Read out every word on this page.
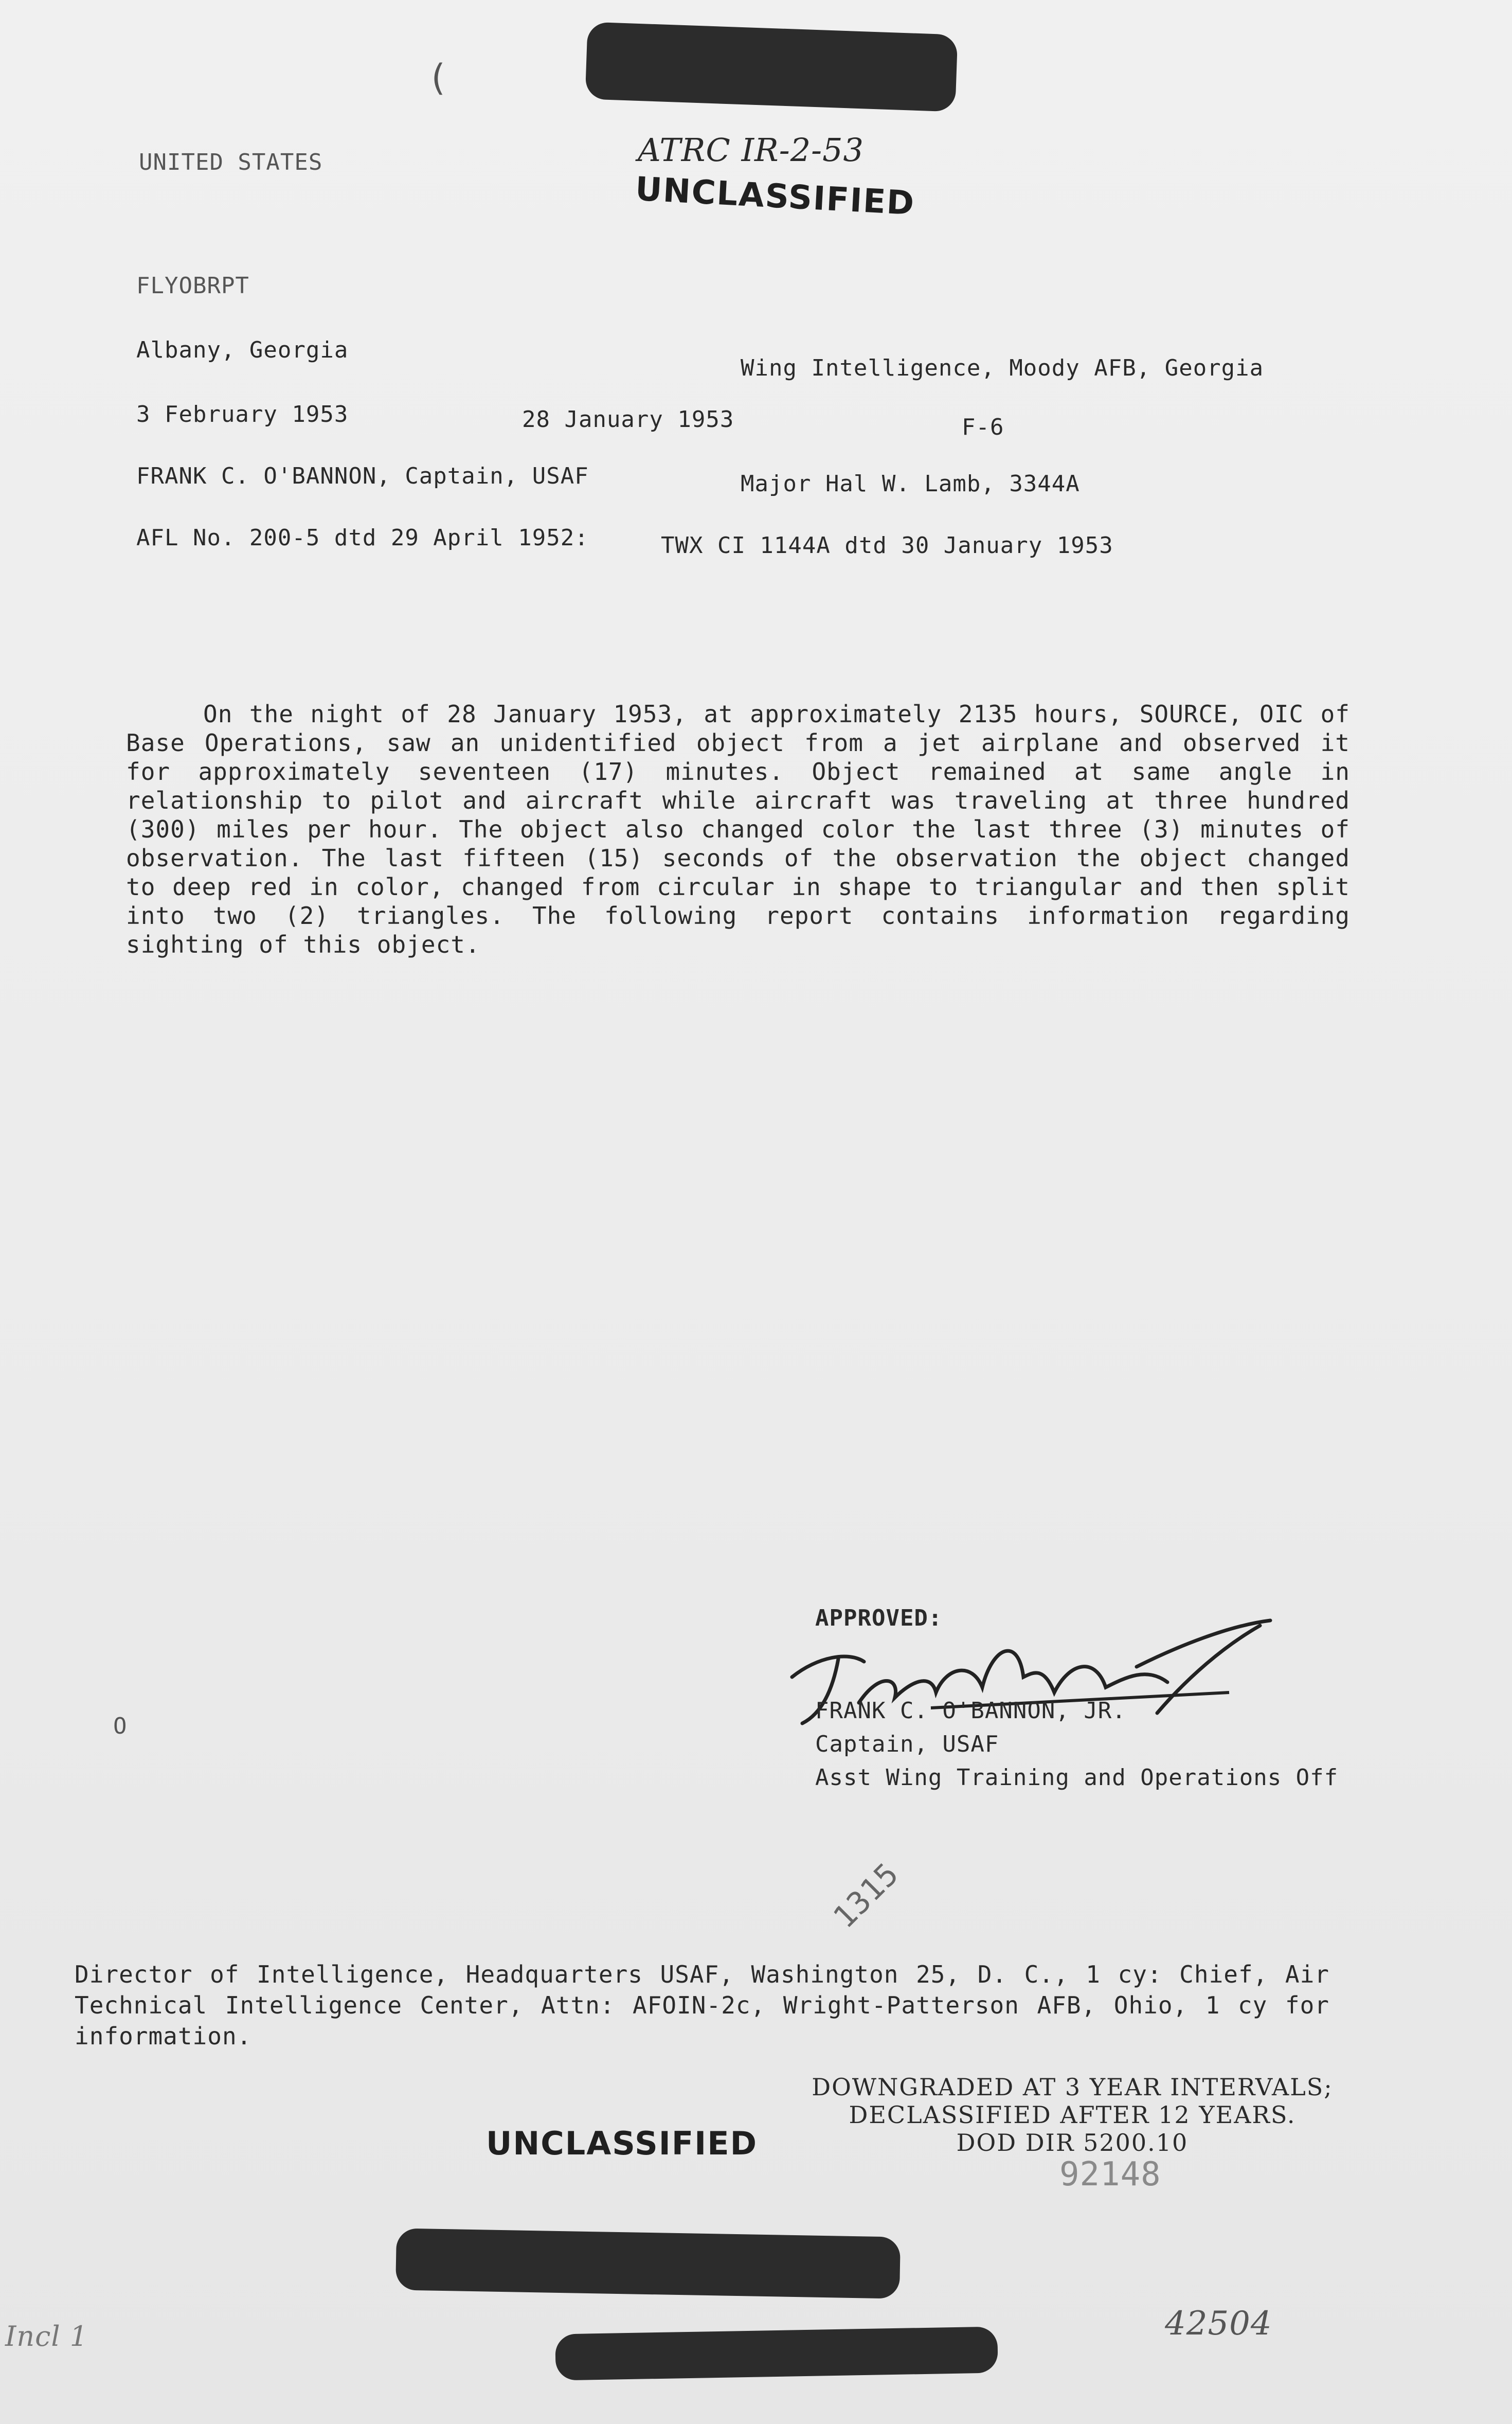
(
ATRC IR-2-53
UNCLASSIFIED
UNITED STATES
FLYOBRPT
Albany, Georgia
Wing Intelligence, Moody AFB, Georgia
3 February 1953	28 January 1953	F-6
FRANK C. O'BANNON, Captain, USAF	Major Hal W. Lamb, 3344A
AFL No. 200-5 dtd 29 April 1952:	TWX CI 1144A dtd 30 January 1953
On the night of 28 January 1953, at approximately 2135 hours, SOURCE, OIC of Base Operations, saw an unidentified object from a jet airplane and observed it for approximately seventeen (17) minutes. Object remained at same angle in relationship to pilot and aircraft while aircraft was traveling at three hundred (300) miles per hour. The object also changed color the last three (3) minutes of observation. The last fifteen (15) seconds of the observation the object changed to deep red in color, changed from circular in shape to triangular and then split into two (2) triangles. The following report contains information regarding sighting of this object.
APPROVED:
FRANK C. O'BANNON, JR.
Captain, USAF
Asst Wing Training and Operations Off
O
Director of Intelligence, Headquarters USAF, Washington 25, D. C., 1 cy: Chief, Air Technical Intelligence Center, Attn: AFOIN-2c, Wright-Patterson AFB, Ohio, 1 cy for information.
1315
DOWNGRADED AT 3 YEAR INTERVALS;
DECLASSIFIED AFTER 12 YEARS.
DOD DIR 5200.10
UNCLASSIFIED
92148
Incl 1	42504
